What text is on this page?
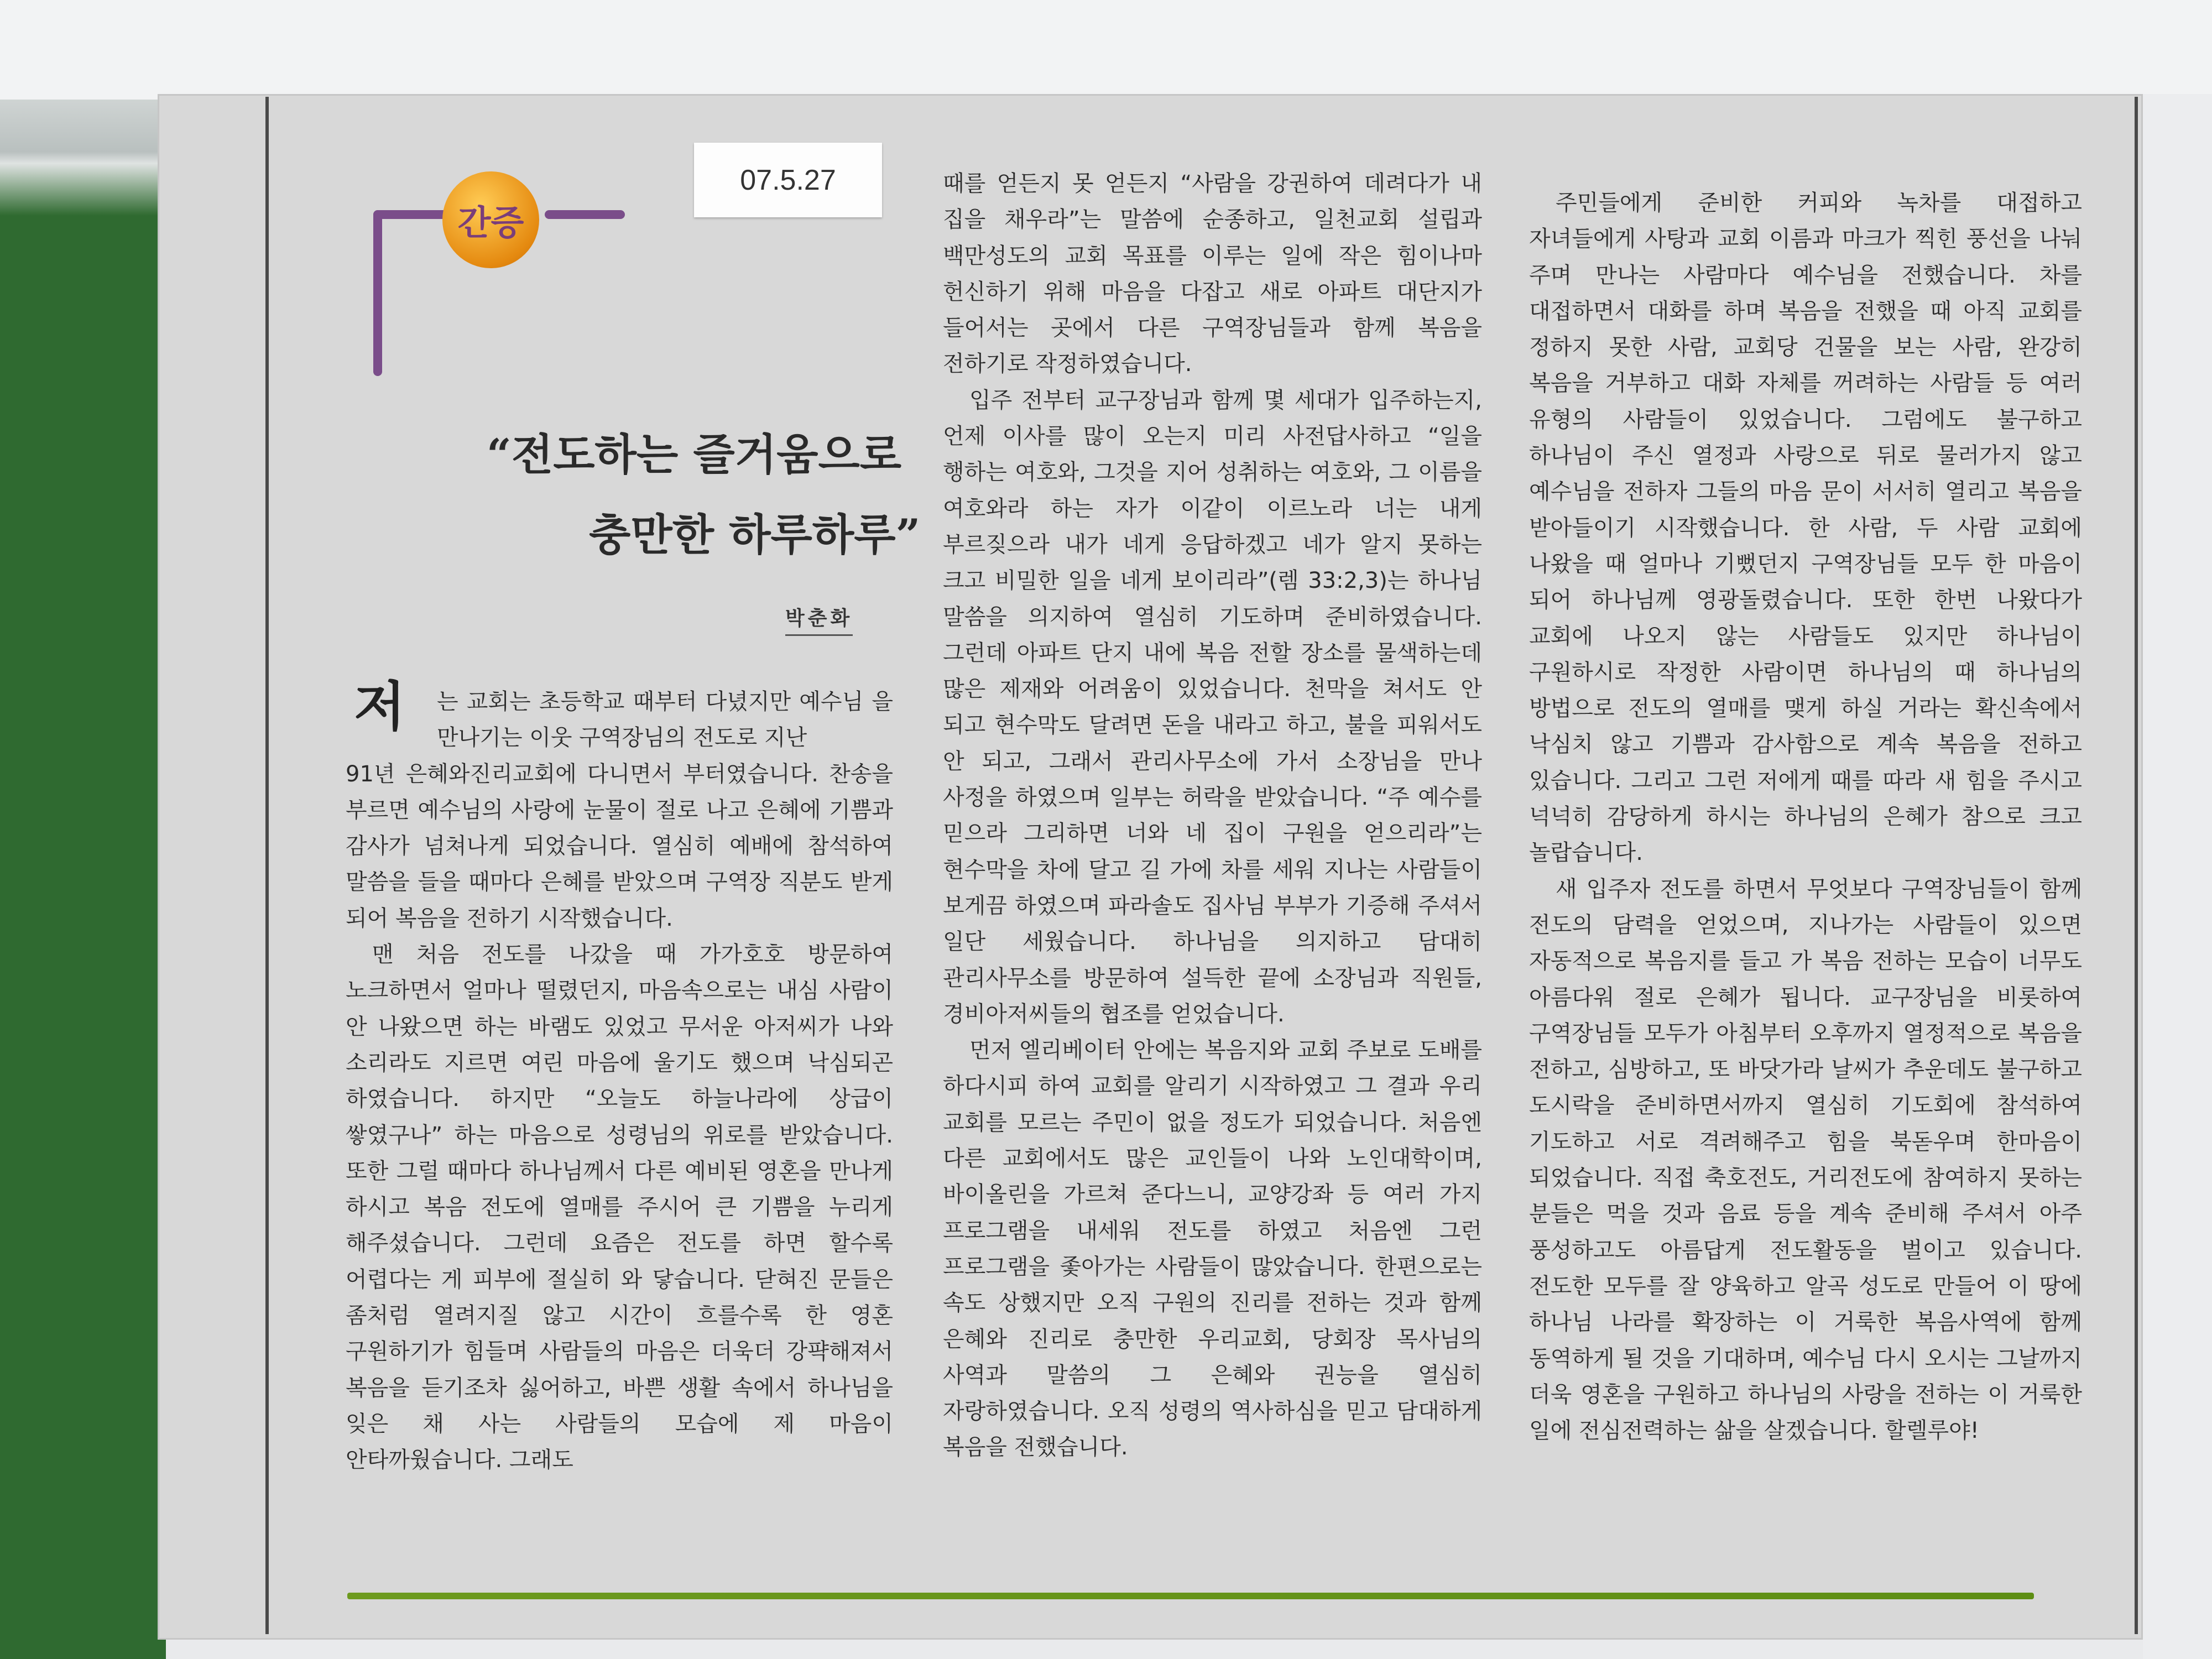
07.5.27
간증
“전도하는 즐거움으로
충만한 하루하루”
박춘화
저	는 교회는 초등학교 때부터 다녔지만 예수님 을 만나기는 이웃 구역장님의 전도로 지난
91년 은혜와진리교회에 다니면서 부터였습니다. 찬송을 부르면 예수님의 사랑에 눈물이 절로 나고 은혜에 기쁨과 감사가 넘쳐나게 되었습니다. 열심히 예배에 참석하여 말씀을 들을 때마다 은혜를 받았으며 구역장 직분도 받게 되어 복음을 전하기 시작했습니다.

맨 처음 전도를 나갔을 때 가가호호 방문하여 노크하면서 얼마나 떨렸던지, 마음속으로는 내심 사람이 안 나왔으면 하는 바램도 있었고 무서운 아저씨가 나와 소리라도 지르면 여린 마음에 울기도 했으며 낙심되곤 하였습니다. 하지만 “오늘도 하늘나라에 상급이 쌓였구나” 하는 마음으로 성령님의 위로를 받았습니다. 또한 그럴 때마다 하나님께서 다른 예비된 영혼을 만나게 하시고 복음 전도에 열매를 주시어 큰 기쁨을 누리게 해주셨습니다. 그런데 요즘은 전도를 하면 할수록 어렵다는 게 피부에 절실히 와 닿습니다. 닫혀진 문들은 좀처럼 열려지질 않고 시간이 흐를수록 한 영혼 구원하기가 힘들며 사람들의 마음은 더욱더 강퍅해져서 복음을 듣기조차 싫어하고, 바쁜 생활 속에서 하나님을 잊은 채 사는 사람들의 모습에 제 마음이 안타까웠습니다. 그래도

때를 얻든지 못 얻든지 “사람을 강권하여 데려다가 내 집을 채우라”는 말씀에 순종하고, 일천교회 설립과 백만성도의 교회 목표를 이루는 일에 작은 힘이나마 헌신하기 위해 마음을 다잡고 새로 아파트 대단지가 들어서는 곳에서 다른 구역장님들과 함께 복음을 전하기로 작정하였습니다.

입주 전부터 교구장님과 함께 몇 세대가 입주하는지, 언제 이사를 많이 오는지 미리 사전답사하고 “일을 행하는 여호와, 그것을 지어 성취하는 여호와, 그 이름을 여호와라 하는 자가 이같이 이르노라 너는 내게 부르짖으라 내가 네게 응답하겠고 네가 알지 못하는 크고 비밀한 일을 네게 보이리라”(렘 33:2,3)는 하나님 말씀을 의지하여 열심히 기도하며 준비하였습니다. 그런데 아파트 단지 내에 복음 전할 장소를 물색하는데 많은 제재와 어려움이 있었습니다. 천막을 쳐서도 안 되고 현수막도 달려면 돈을 내라고 하고, 불을 피워서도 안 되고, 그래서 관리사무소에 가서 소장님을 만나 사정을 하였으며 일부는 허락을 받았습니다. “주 예수를 믿으라 그리하면 너와 네 집이 구원을 얻으리라”는 현수막을 차에 달고 길 가에 차를 세워 지나는 사람들이 보게끔 하였으며 파라솔도 집사님 부부가 기증해 주셔서 일단 세웠습니다. 하나님을 의지하고 담대히 관리사무소를 방문하여 설득한 끝에 소장님과 직원들, 경비아저씨들의 협조를 얻었습니다.

먼저 엘리베이터 안에는 복음지와 교회 주보로 도배를 하다시피 하여 교회를 알리기 시작하였고 그 결과 우리 교회를 모르는 주민이 없을 정도가 되었습니다. 처음엔 다른 교회에서도 많은 교인들이 나와 노인대학이며, 바이올린을 가르쳐 준다느니, 교양강좌 등 여러 가지 프로그램을 내세워 전도를 하였고 처음엔 그런 프로그램을 좇아가는 사람들이 많았습니다. 한편으로는 속도 상했지만 오직 구원의 진리를 전하는 것과 함께 은혜와 진리로 충만한 우리교회, 당회장 목사님의 사역과 말씀의 그 은혜와 권능을 열심히 자랑하였습니다. 오직 성령의 역사하심을 믿고 담대하게 복음을 전했습니다.

주민들에게 준비한 커피와 녹차를 대접하고 자녀들에게 사탕과 교회 이름과 마크가 찍힌 풍선을 나눠 주며 만나는 사람마다 예수님을 전했습니다. 차를 대접하면서 대화를 하며 복음을 전했을 때 아직 교회를 정하지 못한 사람, 교회당 건물을 보는 사람, 완강히 복음을 거부하고 대화 자체를 꺼려하는 사람들 등 여러 유형의 사람들이 있었습니다. 그럼에도 불구하고 하나님이 주신 열정과 사랑으로 뒤로 물러가지 않고 예수님을 전하자 그들의 마음 문이 서서히 열리고 복음을 받아들이기 시작했습니다. 한 사람, 두 사람 교회에 나왔을 때 얼마나 기뻤던지 구역장님들 모두 한 마음이 되어 하나님께 영광돌렸습니다. 또한 한번 나왔다가 교회에 나오지 않는 사람들도 있지만 하나님이 구원하시로 작정한 사람이면 하나님의 때 하나님의 방법으로 전도의 열매를 맺게 하실 거라는 확신속에서 낙심치 않고 기쁨과 감사함으로 계속 복음을 전하고 있습니다. 그리고 그런 저에게 때를 따라 새 힘을 주시고 넉넉히 감당하게 하시는 하나님의 은혜가 참으로 크고 놀랍습니다.

새 입주자 전도를 하면서 무엇보다 구역장님들이 함께 전도의 담력을 얻었으며, 지나가는 사람들이 있으면 자동적으로 복음지를 들고 가 복음 전하는 모습이 너무도 아름다워 절로 은혜가 됩니다. 교구장님을 비롯하여 구역장님들 모두가 아침부터 오후까지 열정적으로 복음을 전하고, 심방하고, 또 바닷가라 날씨가 추운데도 불구하고 도시락을 준비하면서까지 열심히 기도회에 참석하여 기도하고 서로 격려해주고 힘을 북돋우며 한마음이 되었습니다. 직접 축호전도, 거리전도에 참여하지 못하는 분들은 먹을 것과 음료 등을 계속 준비해 주셔서 아주 풍성하고도 아름답게 전도활동을 벌이고 있습니다. 전도한 모두를 잘 양육하고 알곡 성도로 만들어 이 땅에 하나님 나라를 확장하는 이 거룩한 복음사역에 함께 동역하게 될 것을 기대하며, 예수님 다시 오시는 그날까지 더욱 영혼을 구원하고 하나님의 사랑을 전하는 이 거룩한 일에 전심전력하는 삶을 살겠습니다. 할렐루야!
